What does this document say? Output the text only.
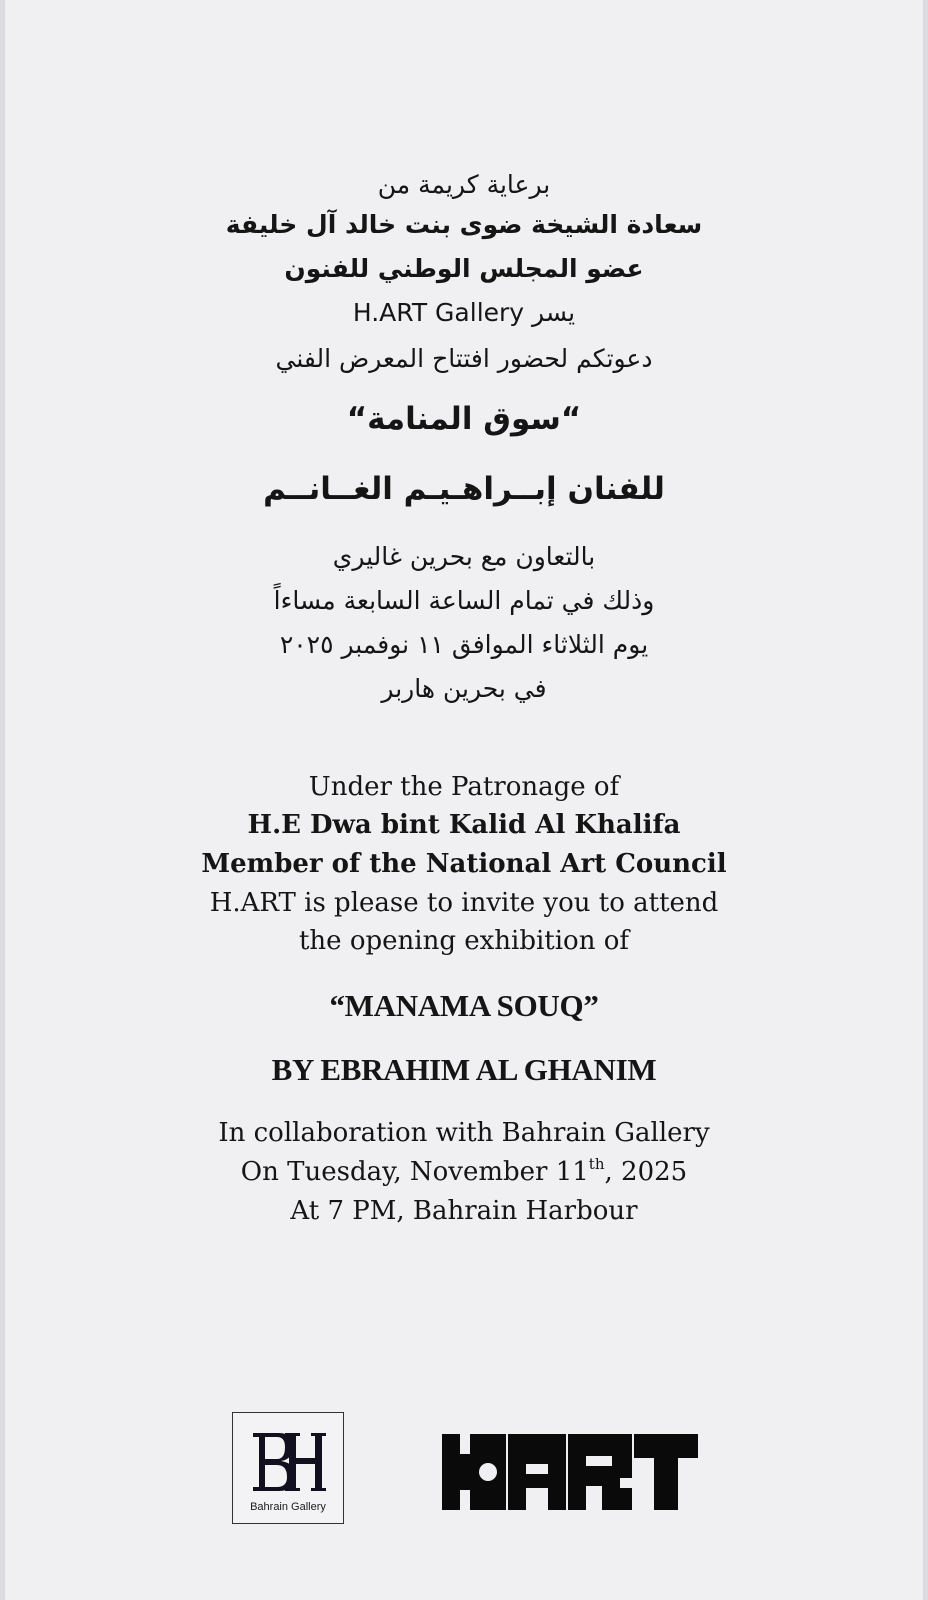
برعاية كريمة من
سعادة الشيخة ضوى بنت خالد آل خليفة
عضو المجلس الوطني للفنون
يسر H.ART Gallery
دعوتكم لحضور افتتاح المعرض الفني
“سوق المنامة“
للفنان إبــراهـيـم الغــانــم
بالتعاون مع بحرين غاليري
وذلك في تمام الساعة السابعة مساءاً
يوم الثلاثاء الموافق ١١ نوفمبر ٢٠٢٥
في بحرين هاربر
Under the Patronage of
H.E Dwa bint Kalid Al Khalifa
Member of the National Art Council
H.ART is please to invite you to attend
the opening exhibition of
“MANAMA SOUQ”
BY EBRAHIM AL GHANIM
In collaboration with Bahrain Gallery
On Tuesday, November 11th, 2025
At 7 PM, Bahrain Harbour
Bahrain Gallery
